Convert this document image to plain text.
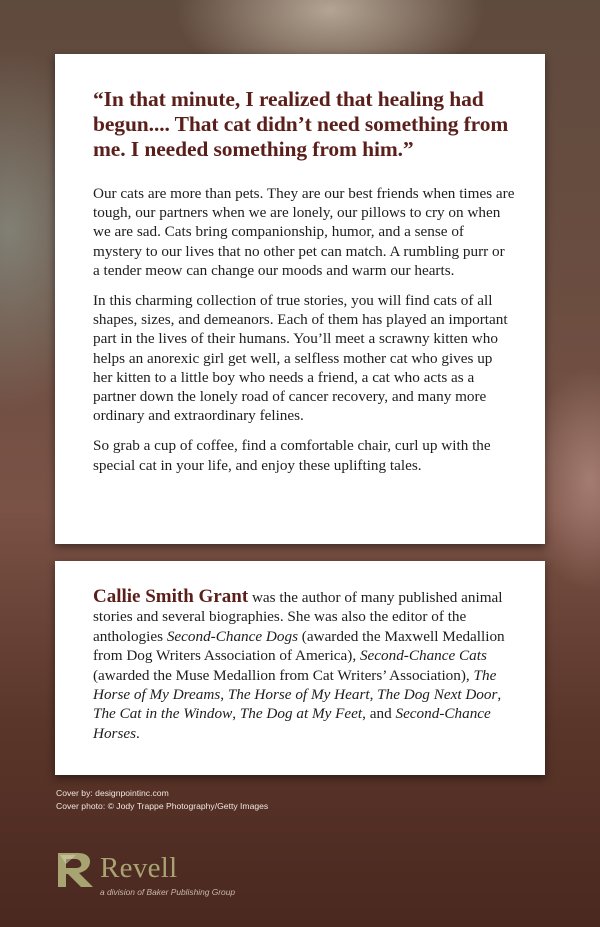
“In that minute, I realized that healing had begun.... That cat didn’t need something from me. I needed something from him.”

Our cats are more than pets. They are our best friends when times are tough, our partners when we are lonely, our pillows to cry on when we are sad. Cats bring companionship, humor, and a sense of mystery to our lives that no other pet can match. A rumbling purr or a tender meow can change our moods and warm our hearts.

In this charming collection of true stories, you will find cats of all shapes, sizes, and demeanors. Each of them has played an important part in the lives of their humans. You’ll meet a scrawny kitten who helps an anorexic girl get well, a selfless mother cat who gives up her kitten to a little boy who needs a friend, a cat who acts as a partner down the lonely road of cancer recovery, and many more ordinary and extraordinary felines.

So grab a cup of coffee, find a comfortable chair, curl up with the special cat in your life, and enjoy these uplifting tales.

Callie Smith Grant was the author of many published animal stories and several biographies. She was also the editor of the anthologies Second-Chance Dogs (awarded the Maxwell Medallion from Dog Writers Association of America), Second-Chance Cats (awarded the Muse Medallion from Cat Writers’ Association), The Horse of My Dreams, The Horse of My Heart, The Dog Next Door, The Cat in the Window, The Dog at My Feet, and Second-Chance Horses.

Cover by: designpointinc.com
Cover photo: © Jody Trappe Photography/Getty Images
Revell
a division of Baker Publishing Group
